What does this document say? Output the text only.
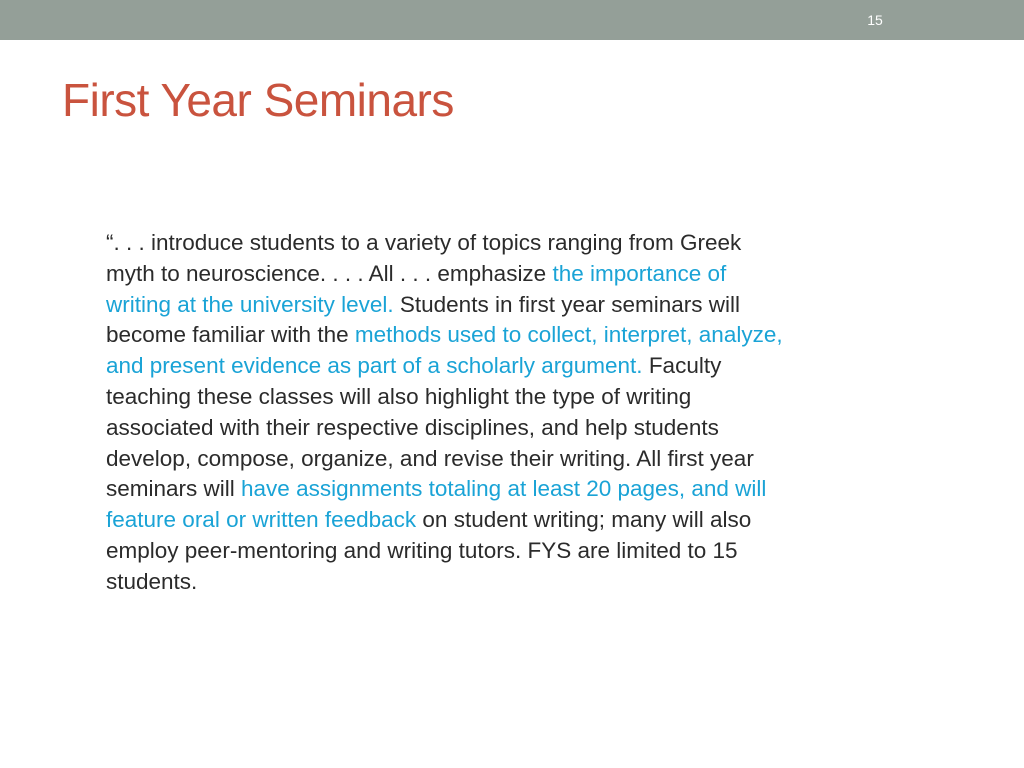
15
First Year Seminars
“. . . introduce students to a variety of topics ranging from Greek
myth to neuroscience. . . . All . . . emphasize the importance of
writing at the university level. Students in first year seminars will
become familiar with the methods used to collect, interpret, analyze,
and present evidence as part of a scholarly argument. Faculty
teaching these classes will also highlight the type of writing
associated with their respective disciplines, and help students
develop, compose, organize, and revise their writing. All first year
seminars will have assignments totaling at least 20 pages, and will
feature oral or written feedback on student writing; many will also
employ peer-mentoring and writing tutors. FYS are limited to 15
students.
